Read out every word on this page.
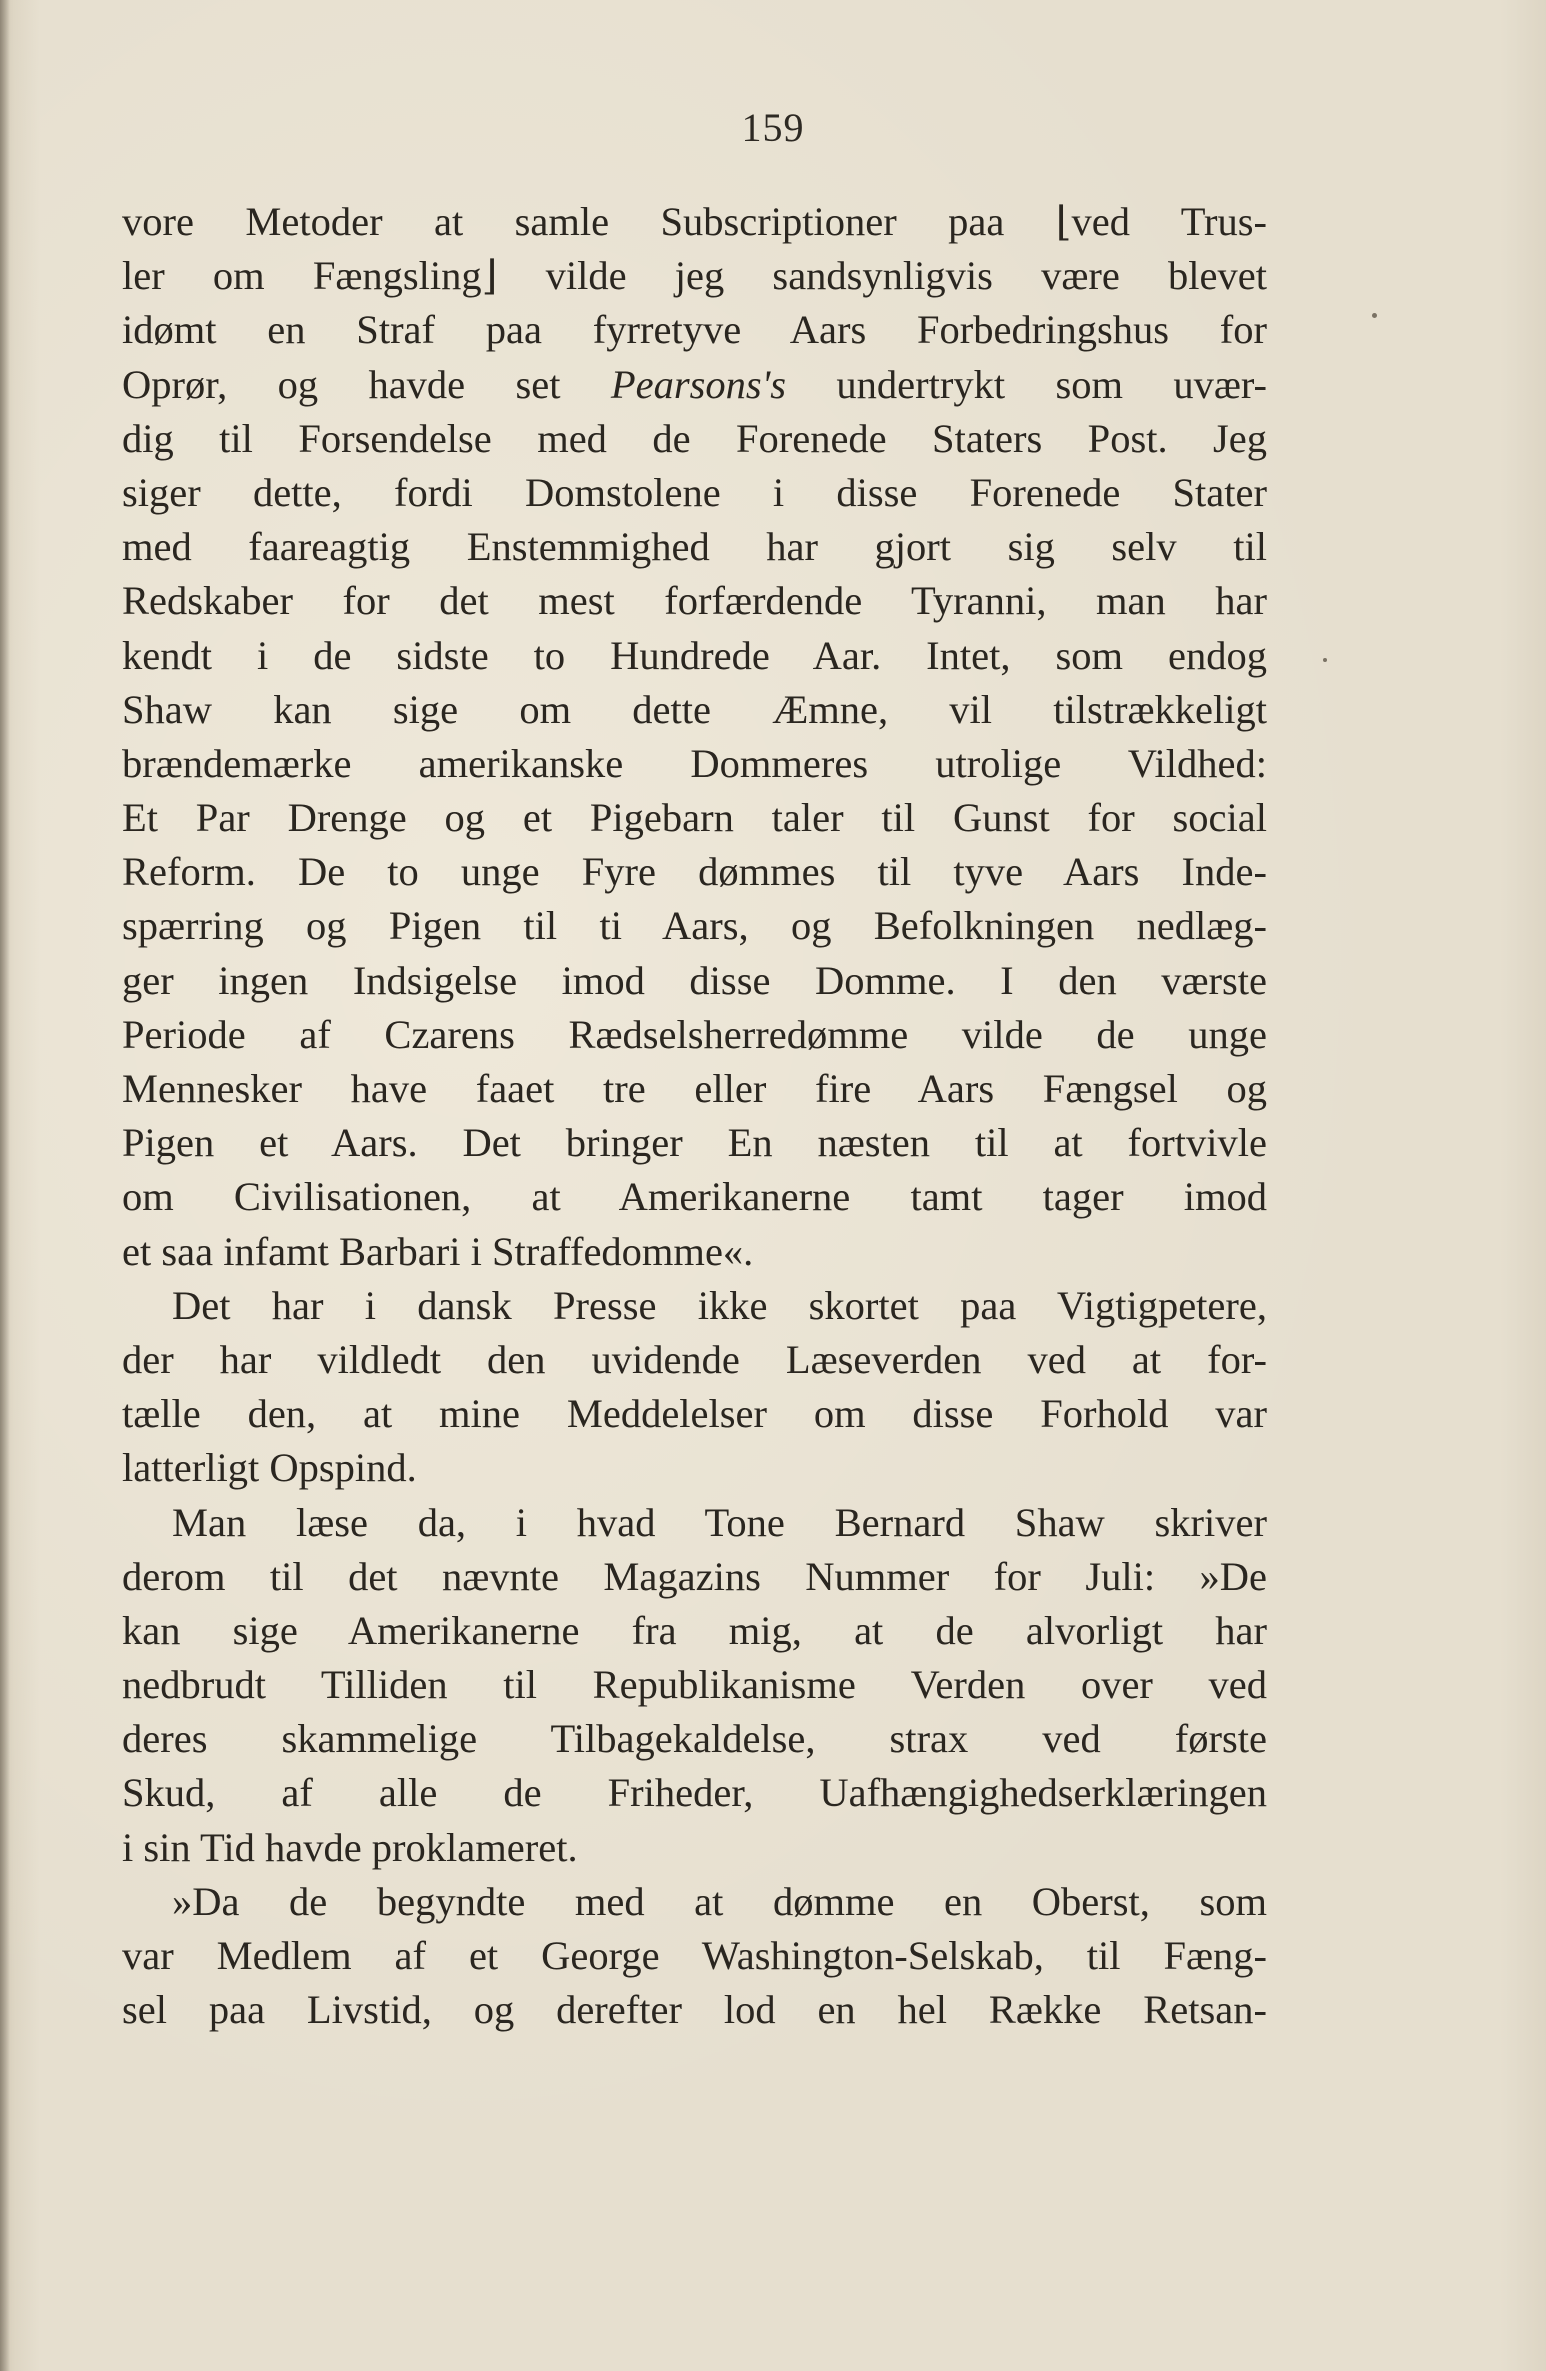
159
vore Metoder at samle Subscriptioner paa ⌊ved Trus-
ler om Fængsling⌋ vilde jeg sandsynligvis være blevet
idømt en Straf paa fyrretyve Aars Forbedringshus for
Oprør, og havde set Pearsons's undertrykt som uvær-
dig til Forsendelse med de Forenede Staters Post. Jeg
siger dette, fordi Domstolene i disse Forenede Stater
med faareagtig Enstemmighed har gjort sig selv til
Redskaber for det mest forfærdende Tyranni, man har
kendt i de sidste to Hundrede Aar. Intet, som endog
Shaw kan sige om dette Æmne, vil tilstrækkeligt
brændemærke amerikanske Dommeres utrolige Vildhed:
Et Par Drenge og et Pigebarn taler til Gunst for social
Reform. De to unge Fyre dømmes til tyve Aars Inde-
spærring og Pigen til ti Aars, og Befolkningen nedlæg-
ger ingen Indsigelse imod disse Domme. I den værste
Periode af Czarens Rædselsherredømme vilde de unge
Mennesker have faaet tre eller fire Aars Fængsel og
Pigen et Aars. Det bringer En næsten til at fortvivle
om Civilisationen, at Amerikanerne tamt tager imod
et saa infamt Barbari i Straffedomme«.
Det har i dansk Presse ikke skortet paa Vigtigpetere,
der har vildledt den uvidende Læseverden ved at for-
tælle den, at mine Meddelelser om disse Forhold var
latterligt Opspind.
Man læse da, i hvad Tone Bernard Shaw skriver
derom til det nævnte Magazins Nummer for Juli: »De
kan sige Amerikanerne fra mig, at de alvorligt har
nedbrudt Tilliden til Republikanisme Verden over ved
deres skammelige Tilbagekaldelse, strax ved første
Skud, af alle de Friheder, Uafhængighedserklæringen
i sin Tid havde proklameret.
»Da de begyndte med at dømme en Oberst, som
var Medlem af et George Washington-Selskab, til Fæng-
sel paa Livstid, og derefter lod en hel Række Retsan-
